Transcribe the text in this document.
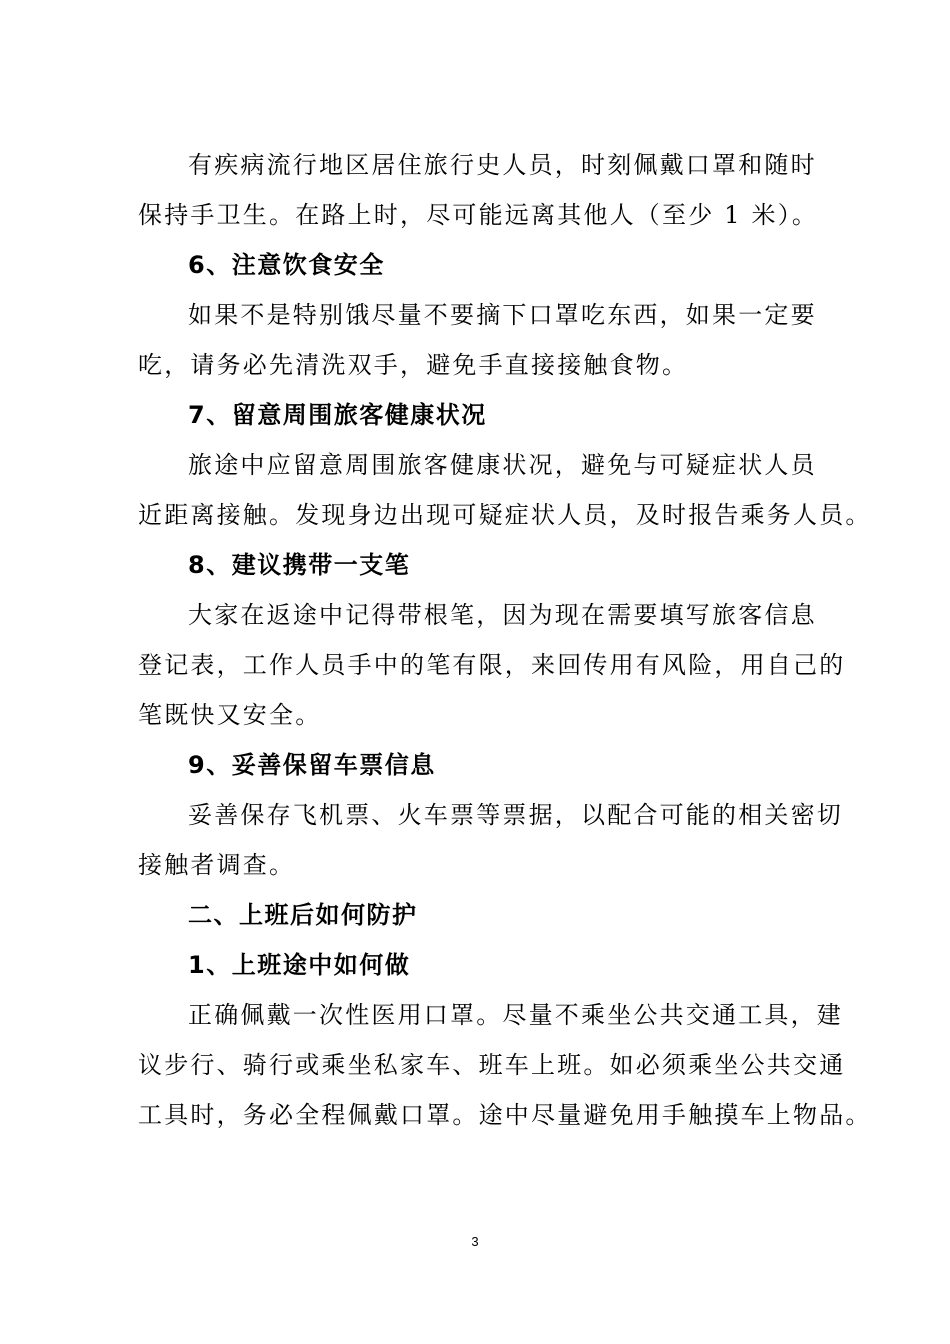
有疾病流行地区居住旅行史人员，时刻佩戴口罩和随时
保持手卫生。在路上时，尽可能远离其他人（至少 1 米）。
6、注意饮食安全
如果不是特别饿尽量不要摘下口罩吃东西，如果一定要
吃，请务必先清洗双手，避免手直接接触食物。
7、留意周围旅客健康状况
旅途中应留意周围旅客健康状况，避免与可疑症状人员
近距离接触。发现身边出现可疑症状人员，及时报告乘务人员。
8、建议携带一支笔
大家在返途中记得带根笔，因为现在需要填写旅客信息
登记表，工作人员手中的笔有限，来回传用有风险，用自己的
笔既快又安全。
9、妥善保留车票信息
妥善保存飞机票、火车票等票据，以配合可能的相关密切
接触者调查。
二、上班后如何防护
1、上班途中如何做
正确佩戴一次性医用口罩。尽量不乘坐公共交通工具，建
议步行、骑行或乘坐私家车、班车上班。如必须乘坐公共交通
工具时，务必全程佩戴口罩。途中尽量避免用手触摸车上物品。
3
